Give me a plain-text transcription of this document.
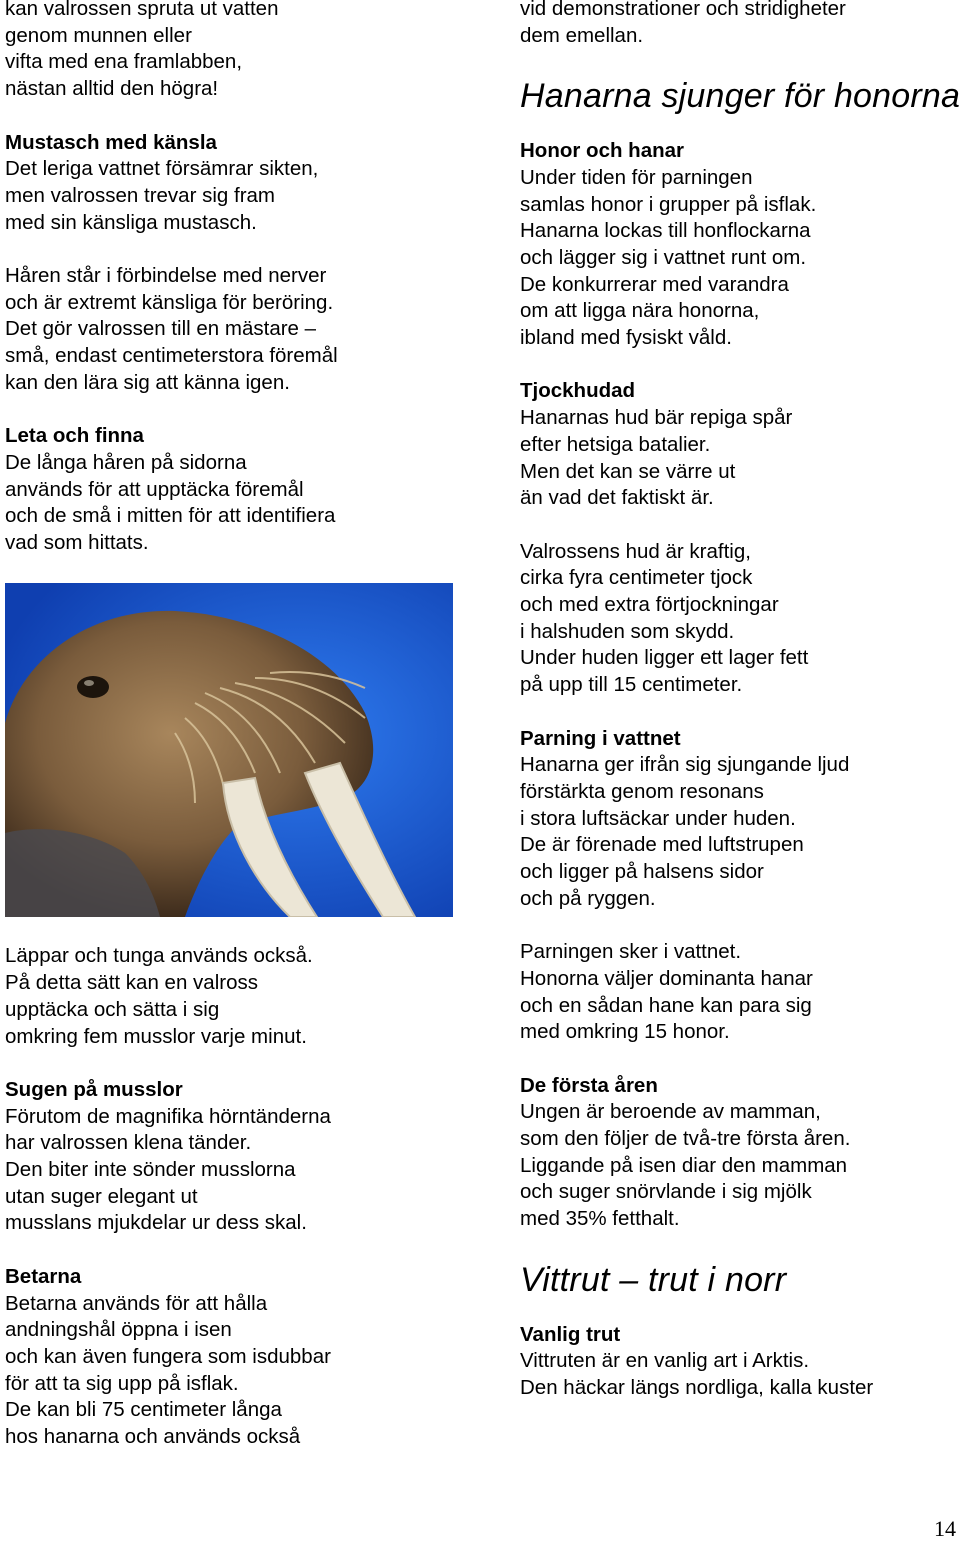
kan valrossen spruta ut vatten
genom munnen eller
vifta med ena framlabben,
nästan alltid den högra!
Mustasch med känsla
Det leriga vattnet försämrar sikten,
men valrossen trevar sig fram
med sin känsliga mustasch.
Håren står i förbindelse med nerver
och är extremt känsliga för beröring.
Det gör valrossen till en mästare –
små, endast centimeterstora föremål
kan den lära sig att känna igen.
Leta och finna
De långa håren på sidorna
används för att upptäcka föremål
och de små i mitten för att identifiera
vad som hittats.
Läppar och tunga används också.
På detta sätt kan en valross
upptäcka och sätta i sig
omkring fem musslor varje minut.
Sugen på musslor
Förutom de magnifika hörntänderna
har valrossen klena tänder.
Den biter inte sönder musslorna
utan suger elegant ut
musslans mjukdelar ur dess skal.
Betarna
Betarna används för att hålla
andningshål öppna i isen
och kan även fungera som isdubbar
för att ta sig upp på isflak.
De kan bli 75 centimeter långa
hos hanarna och används också
vid demonstrationer och stridigheter
dem emellan.
Hanarna sjunger för honorna
Honor och hanar
Under tiden för parningen
samlas honor i grupper på isflak.
Hanarna lockas till honflockarna
och lägger sig i vattnet runt om.
De konkurrerar med varandra
om att ligga nära honorna,
ibland med fysiskt våld.
Tjockhudad
Hanarnas hud bär repiga spår
efter hetsiga batalier.
Men det kan se värre ut
än vad det faktiskt är.
Valrossens hud är kraftig,
cirka fyra centimeter tjock
och med extra förtjockningar
i halshuden som skydd.
Under huden ligger ett lager fett
på upp till 15 centimeter.
Parning i vattnet
Hanarna ger ifrån sig sjungande ljud
förstärkta genom resonans
i stora luftsäckar under huden.
De är förenade med luftstrupen
och ligger på halsens sidor
och på ryggen.
Parningen sker i vattnet.
Honorna väljer dominanta hanar
och en sådan hane kan para sig
med omkring 15 honor.
De första åren
Ungen är beroende av mamman,
som den följer de två-tre första åren.
Liggande på isen diar den mamman
och suger snörvlande i sig mjölk
med 35% fetthalt.
Vittrut – trut i norr
Vanlig trut
Vittruten är en vanlig art i Arktis.
Den häckar längs nordliga, kalla kuster
14
